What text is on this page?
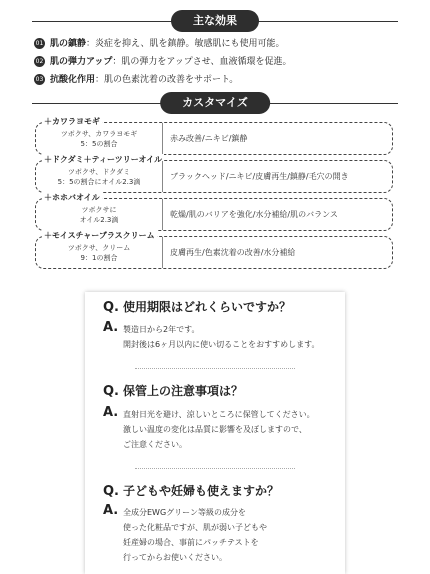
主な効果
01 肌の鎮静：炎症を抑え、肌を鎮静。敏感肌にも使用可能。
02 肌の弾力アップ：肌の弾力をアップさせ、血液循環を促進。
03 抗酸化作用：肌の色素沈着の改善をサポート。
カスタマイズ
＋カワラヨモギ
ツボクサ、カワラヨモギ
5：5の割合
赤み改善/ニキビ/鎮静
＋ドクダミ＋ティーツリーオイル
ツボクサ、ドクダミ
5：5の割合にオイル2.3滴
ブラックヘッド/ニキビ/皮膚再生/鎮静/毛穴の開き
＋ホホバオイル
ツボクサに
オイル2.3滴
乾燥/肌のバリアを強化/水分補給/肌のバランス
＋モイスチャーブラスクリーム
ツボクサ、クリーム
9：1の割合
皮膚再生/色素沈着の改善/水分補給
Q. 使用期限はどれくらいですか？
A. 製造日から2年です。
開封後は6ヶ月以内に使い切ることをおすすめします。
Q. 保管上の注意事項は？
A. 直射日光を避け、涼しいところに保管してください。
激しい温度の変化は品質に影響を及ぼしますので、
ご注意ください。
Q. 子どもや妊婦も使えますか？
A. 全成分EWGグリーン等級の成分を
使った化粧品ですが、肌が弱い子どもや
妊産婦の場合、事前にパッチテストを
行ってからお使いください。
